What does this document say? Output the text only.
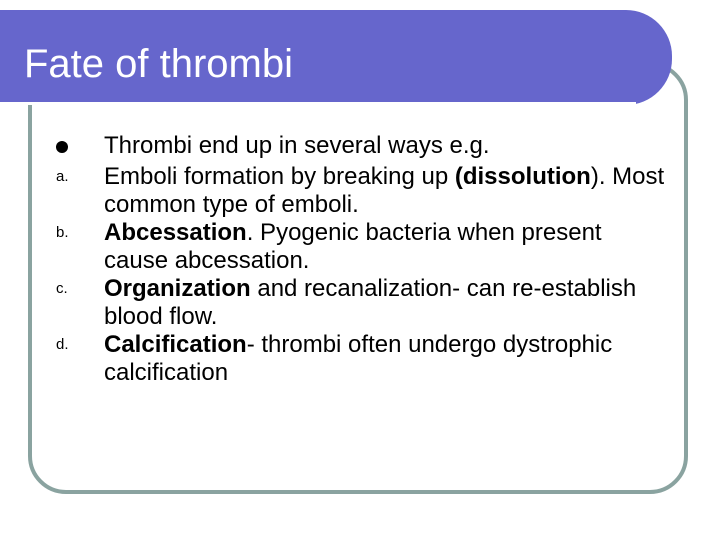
Fate of thrombi
Thrombi end up in several ways e.g.
a.	Emboli formation by breaking up (dissolution). Most common type of emboli.
b.	Abcessation. Pyogenic bacteria when present cause abcessation.
c.	Organization and recanalization- can re-establish blood flow.
d.	Calcification- thrombi often undergo dystrophic calcification
